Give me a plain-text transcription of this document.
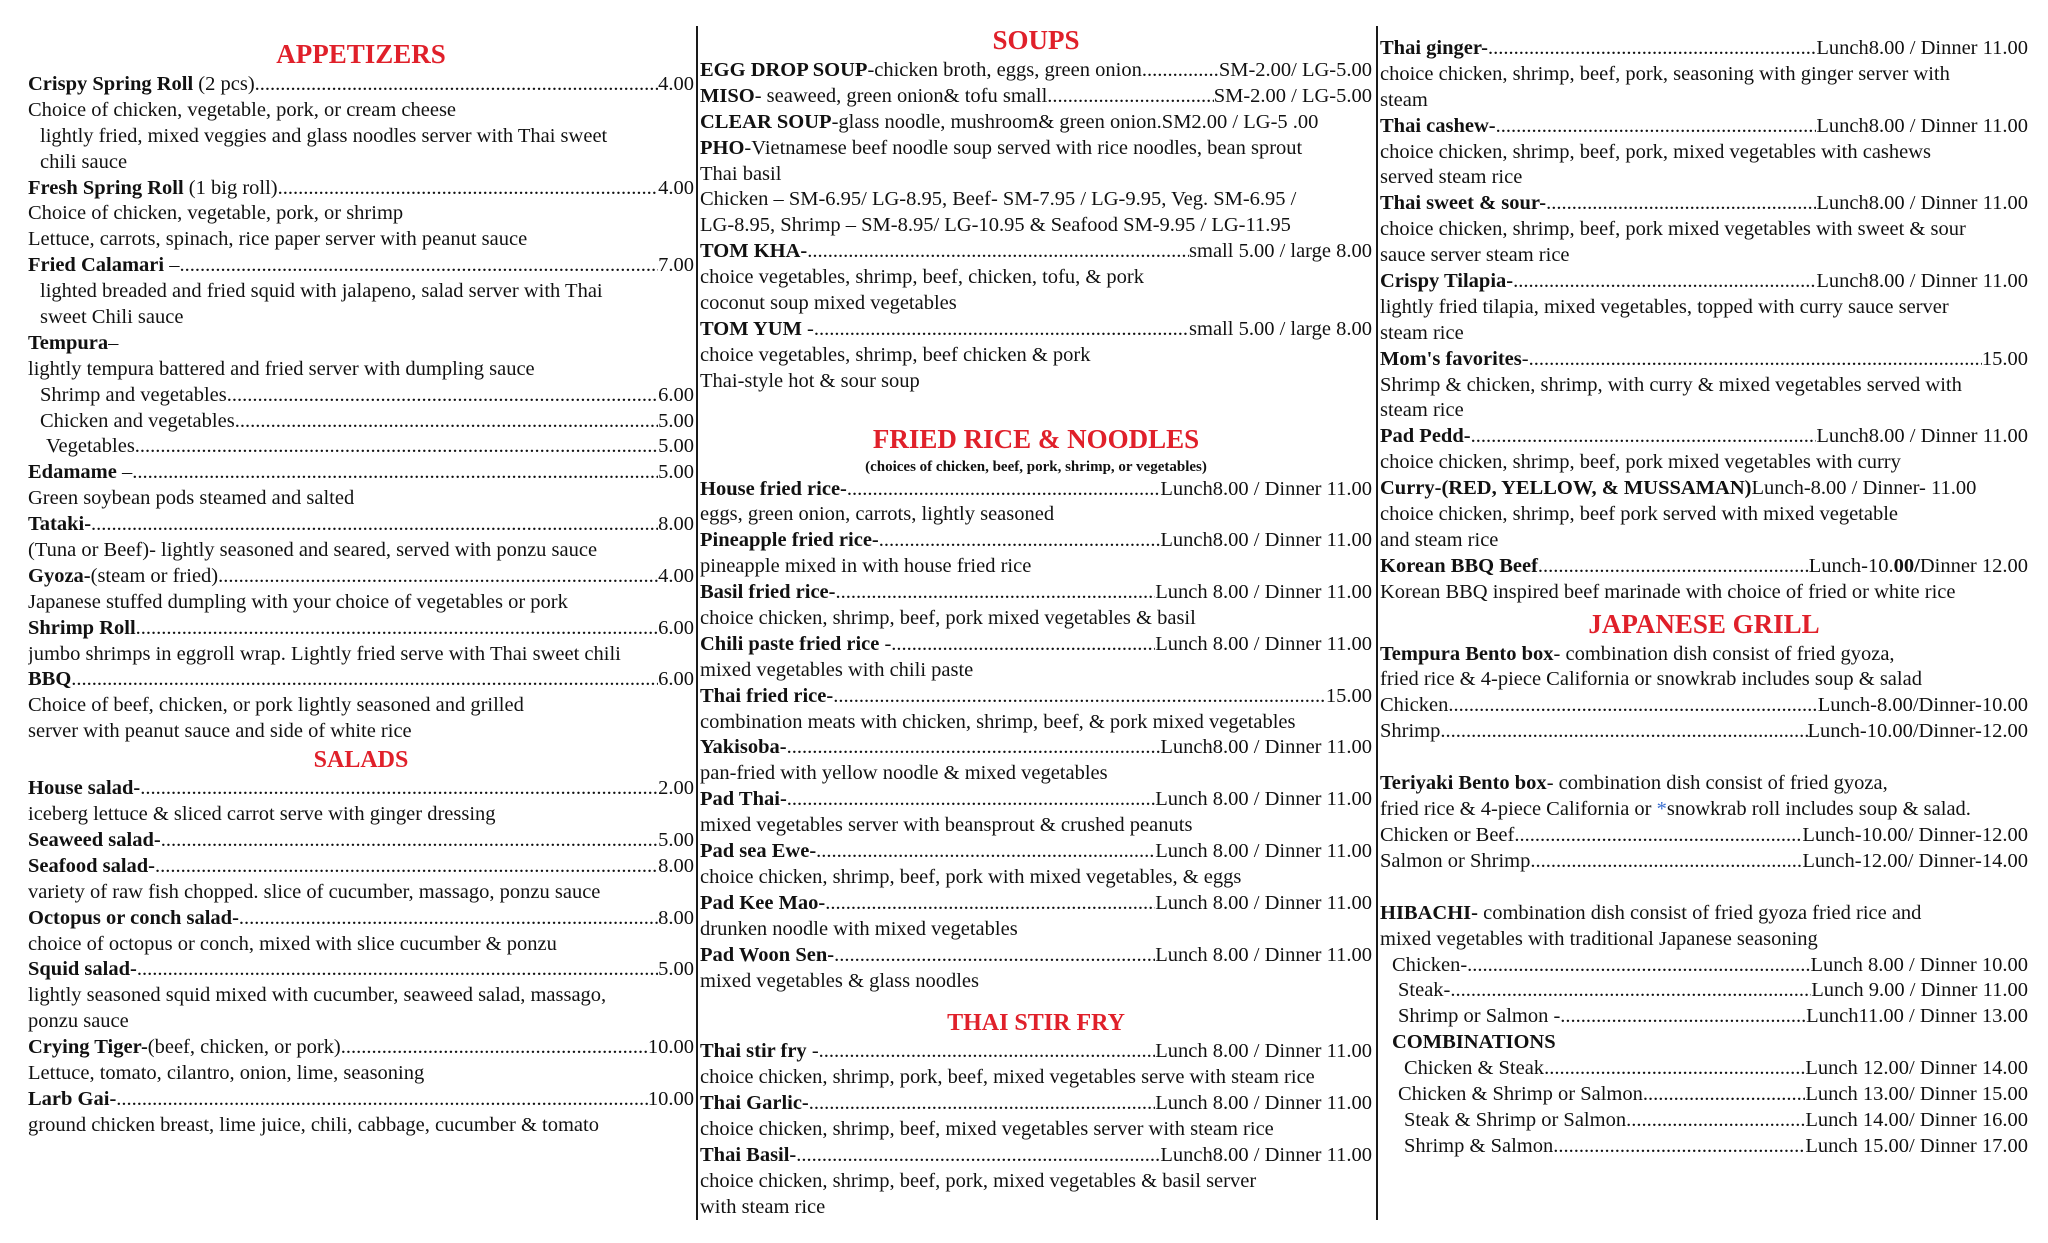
APPETIZERS
Crispy Spring Roll (2 pcs) .....	4.00
Choice of chicken, vegetable, pork, or cream cheese
lightly fried, mixed veggies and glass noodles server with Thai sweet
chili sauce
Fresh Spring Roll (1 big roll) .....	4.00
Choice of chicken, vegetable, pork, or shrimp
Lettuce, carrots, spinach, rice paper server with peanut sauce
Fried Calamari – .....	7.00
lighted breaded and fried squid with jalapeno, salad server with Thai
sweet Chili sauce
Tempura–
lightly tempura battered and fried server with dumpling sauce
Shrimp and vegetables .....	6.00
Chicken and vegetables .....	5.00
Vegetables .....	5.00
Edamame – .....	5.00
Green soybean pods steamed and salted
Tataki- .....	8.00
(Tuna or Beef)- lightly seasoned and seared, served with ponzu sauce
Gyoza-(steam or fried) .....	4.00
Japanese stuffed dumpling with your choice of vegetables or pork
Shrimp Roll .....	6.00
jumbo shrimps in eggroll wrap. Lightly fried serve with Thai sweet chili
BBQ .....	6.00
Choice of beef, chicken, or pork lightly seasoned and grilled
server with peanut sauce and side of white rice
SALADS
House salad- .....	2.00
iceberg lettuce & sliced carrot serve with ginger dressing
Seaweed salad- .....	5.00
Seafood salad- .....	8.00
variety of raw fish chopped. slice of cucumber, massago, ponzu sauce
Octopus or conch salad- .....	8.00
choice of octopus or conch, mixed with slice cucumber & ponzu
Squid salad- .....	5.00
lightly seasoned squid mixed with cucumber, seaweed salad, massago,
ponzu sauce
Crying Tiger-(beef, chicken, or pork) .....	10.00
Lettuce, tomato, cilantro, onion, lime, seasoning
Larb Gai- .....	10.00
ground chicken breast, lime juice, chili, cabbage, cucumber & tomato
SOUPS
EGG DROP SOUP-chicken broth, eggs, green onion .....	SM-2.00/ LG-5.00
MISO- seaweed, green onion& tofu small .....	SM-2.00 / LG-5.00
CLEAR SOUP-glass noodle, mushroom& green onion. SM2.00 / LG-5 .00
PHO-Vietnamese beef noodle soup served with rice noodles, bean sprout
Thai basil
Chicken – SM-6.95/ LG-8.95, Beef- SM-7.95 / LG-9.95, Veg. SM-6.95 /
LG-8.95, Shrimp – SM-8.95/ LG-10.95 & Seafood SM-9.95 / LG-11.95
TOM KHA- .....	small 5.00 / large 8.00
choice vegetables, shrimp, beef, chicken, tofu, & pork
coconut soup mixed vegetables
TOM YUM - .....	small 5.00 / large 8.00
choice vegetables, shrimp, beef chicken & pork
Thai-style hot & sour soup
FRIED RICE & NOODLES
(choices of chicken, beef, pork, shrimp, or vegetables)
House fried rice- .....	Lunch8.00 / Dinner 11.00
eggs, green onion, carrots, lightly seasoned
Pineapple fried rice- .....	Lunch8.00 / Dinner 11.00
pineapple mixed in with house fried rice
Basil fried rice- .....	Lunch 8.00 / Dinner 11.00
choice chicken, shrimp, beef, pork mixed vegetables & basil
Chili paste fried rice - .....	Lunch 8.00 / Dinner 11.00
mixed vegetables with chili paste
Thai fried rice- .....	15.00
combination meats with chicken, shrimp, beef, & pork mixed vegetables
Yakisoba- .....	Lunch8.00 / Dinner 11.00
pan-fried with yellow noodle & mixed vegetables
Pad Thai- .....	Lunch 8.00 / Dinner 11.00
mixed vegetables server with beansprout & crushed peanuts
Pad sea Ewe- .....	Lunch 8.00 / Dinner 11.00
choice chicken, shrimp, beef, pork with mixed vegetables, & eggs
Pad Kee Mao- .....	Lunch 8.00 / Dinner 11.00
drunken noodle with mixed vegetables
Pad Woon Sen- .....	Lunch 8.00 / Dinner 11.00
mixed vegetables & glass noodles
THAI STIR FRY
Thai stir fry - .....	Lunch 8.00 / Dinner 11.00
choice chicken, shrimp, pork, beef, mixed vegetables serve with steam rice
Thai Garlic- .....	Lunch 8.00 / Dinner 11.00
choice chicken, shrimp, beef, mixed vegetables server with steam rice
Thai Basil- .....	Lunch8.00 / Dinner 11.00
choice chicken, shrimp, beef, pork, mixed vegetables & basil server
with steam rice
Thai ginger- .....	Lunch8.00 / Dinner 11.00
choice chicken, shrimp, beef, pork, seasoning with ginger server with
steam
Thai cashew- .....	Lunch8.00 / Dinner 11.00
choice chicken, shrimp, beef, pork, mixed vegetables with cashews
served steam rice
Thai sweet & sour- .....	Lunch8.00 / Dinner 11.00
choice chicken, shrimp, beef, pork mixed vegetables with sweet & sour
sauce server steam rice
Crispy Tilapia- .....	Lunch8.00 / Dinner 11.00
lightly fried tilapia, mixed vegetables, topped with curry sauce server
steam rice
Mom's favorites- .....	15.00
Shrimp & chicken, shrimp, with curry & mixed vegetables served with
steam rice
Pad Pedd- .....	Lunch8.00 / Dinner 11.00
choice chicken, shrimp, beef, pork mixed vegetables with curry
Curry-(RED, YELLOW, & MUSSAMAN) Lunch-8.00 / Dinner- 11.00
choice chicken, shrimp, beef pork served with mixed vegetable
and steam rice
Korean BBQ Beef .....	Lunch-10.00/Dinner 12.00
Korean BBQ inspired beef marinade with choice of fried or white rice
JAPANESE GRILL
Tempura Bento box- combination dish consist of fried gyoza,
fried rice & 4-piece California or snowkrab includes soup & salad
Chicken .....	Lunch-8.00/Dinner-10.00
Shrimp .....	Lunch-10.00/Dinner-12.00
Teriyaki Bento box- combination dish consist of fried gyoza,
fried rice & 4-piece California or *snowkrab roll includes soup & salad.
Chicken or Beef .....	Lunch-10.00/ Dinner-12.00
Salmon or Shrimp .....	Lunch-12.00/ Dinner-14.00
HIBACHI- combination dish consist of fried gyoza fried rice and
mixed vegetables with traditional Japanese seasoning
Chicken- .....	Lunch 8.00 / Dinner 10.00
Steak- .....	Lunch 9.00 / Dinner 11.00
Shrimp or Salmon - .....	Lunch11.00 / Dinner 13.00
COMBINATIONS
Chicken & Steak .....	Lunch 12.00/ Dinner 14.00
Chicken & Shrimp or Salmon .....	Lunch 13.00/ Dinner 15.00
Steak & Shrimp or Salmon .....	Lunch 14.00/ Dinner 16.00
Shrimp & Salmon .....	Lunch 15.00/ Dinner 17.00
